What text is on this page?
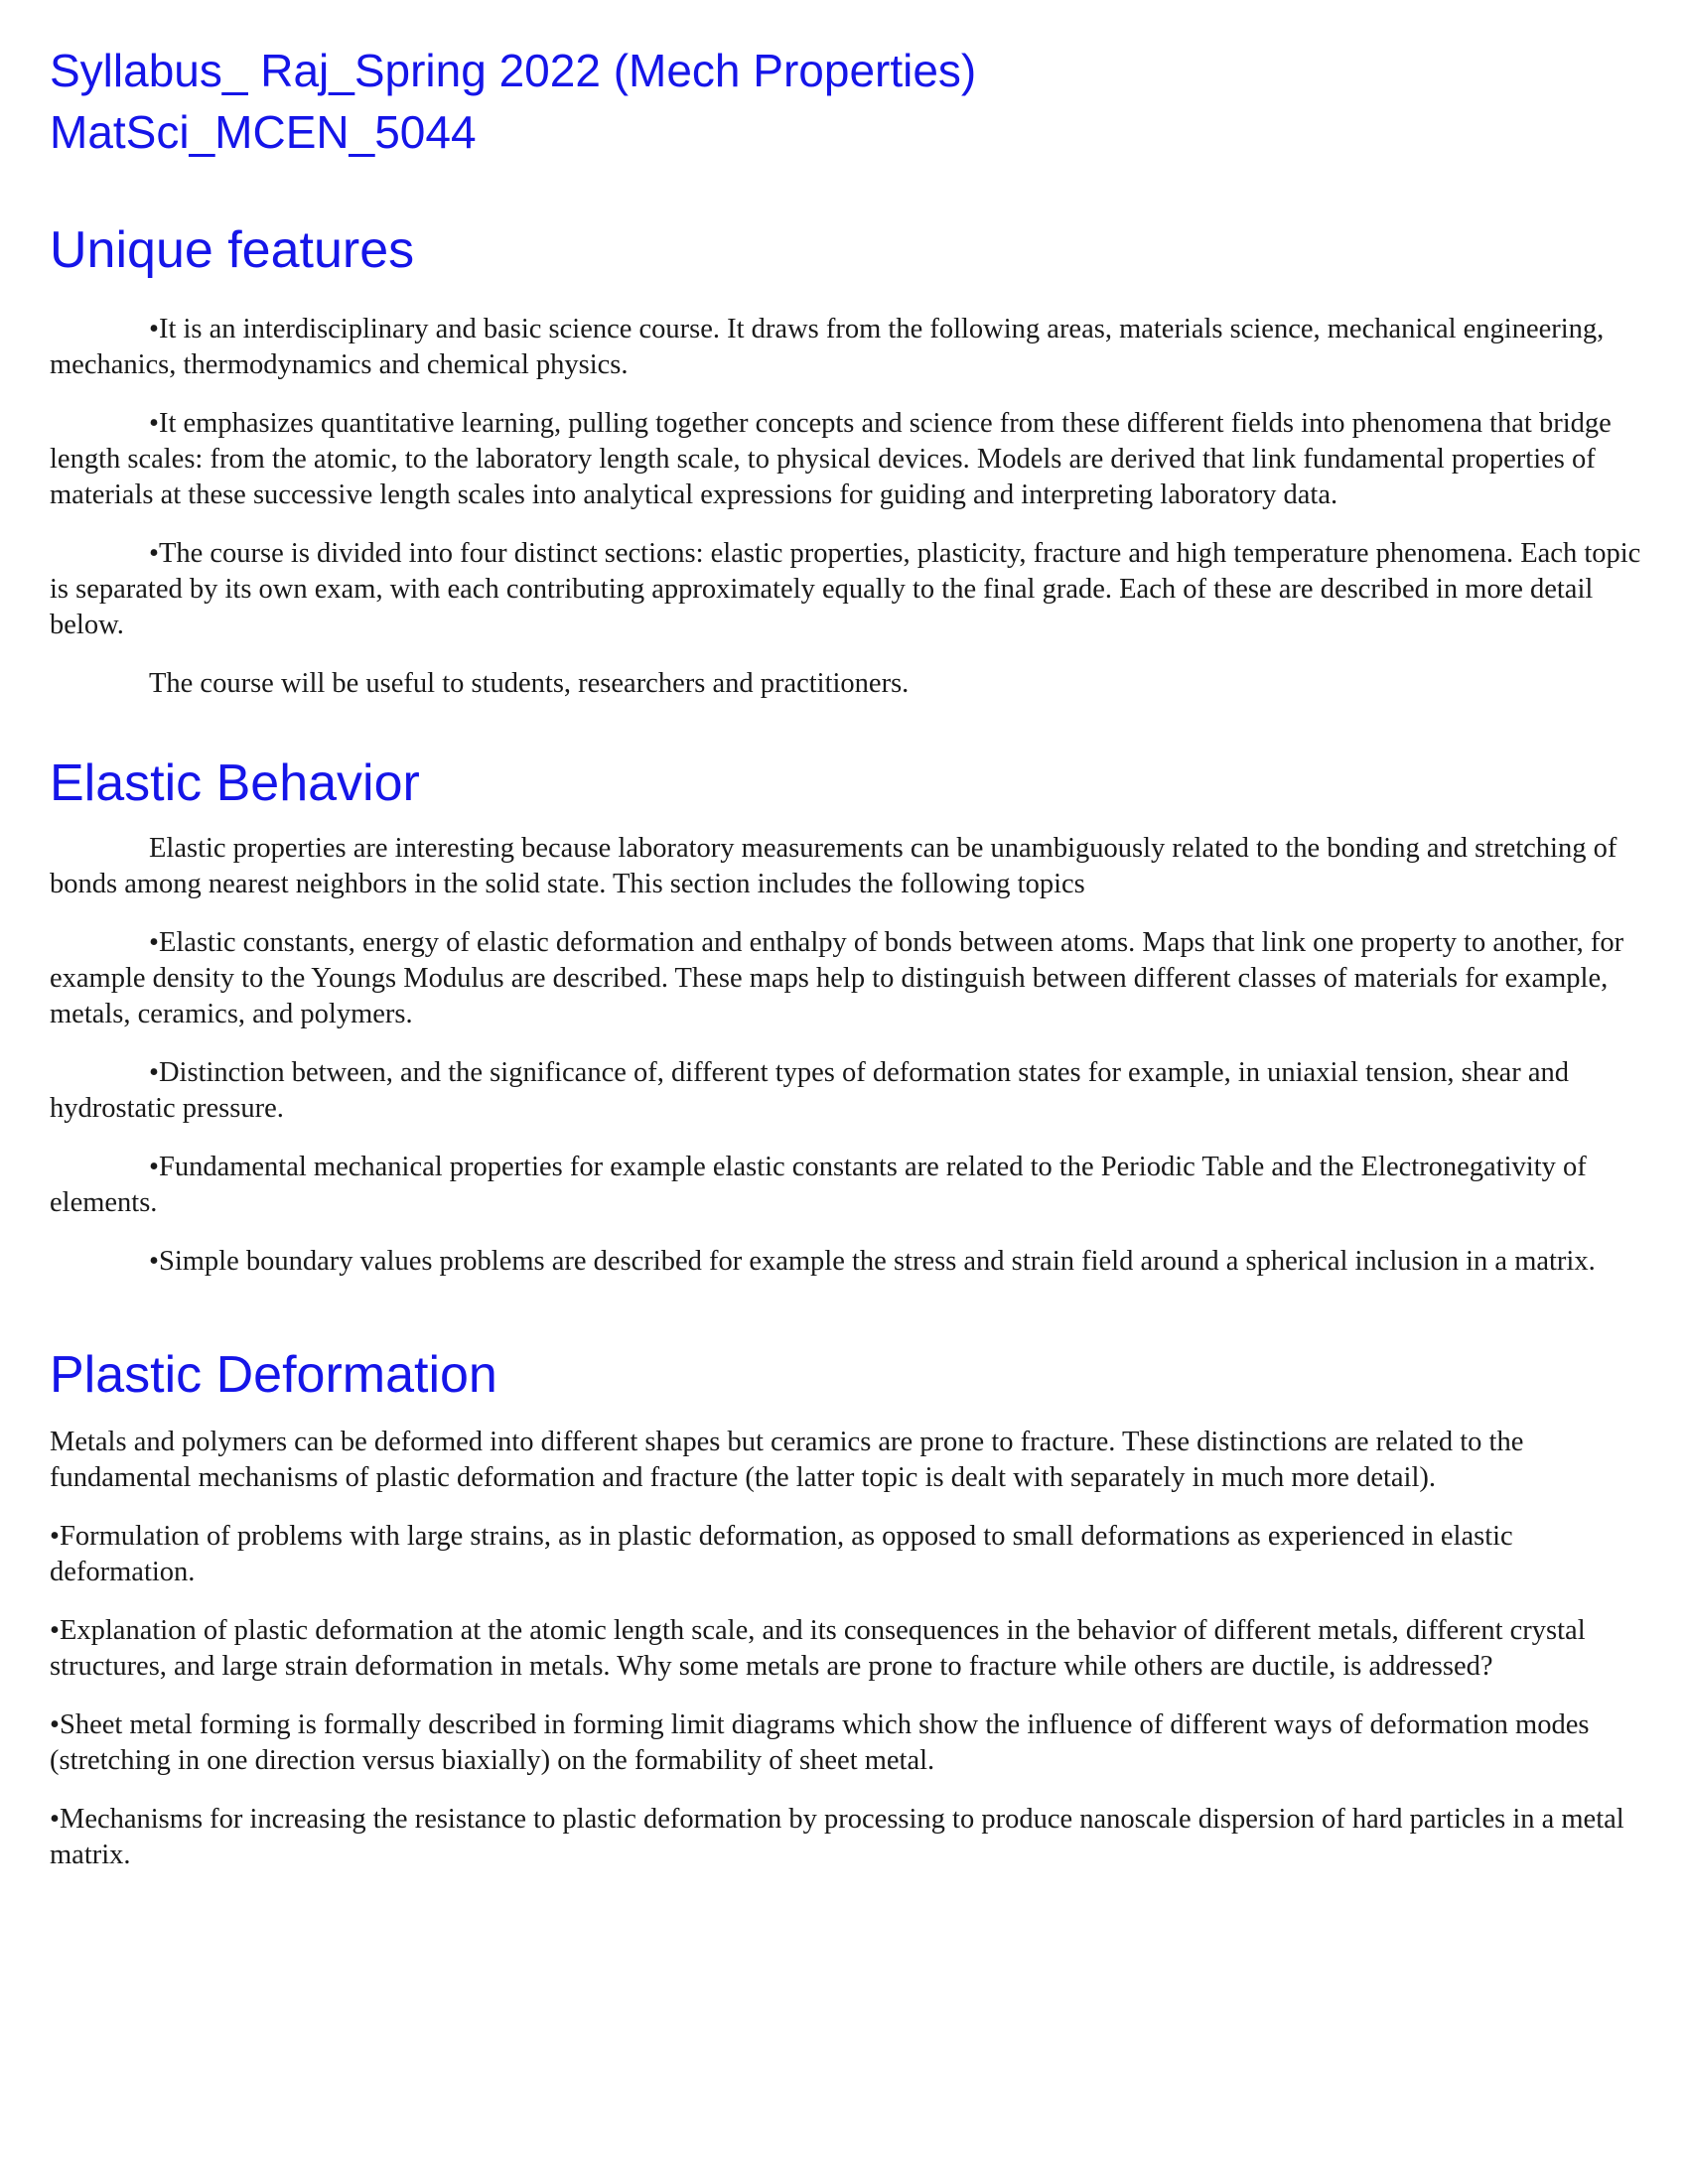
Syllabus_ Raj_Spring 2022 (Mech Properties)
MatSci_MCEN_5044
Unique features

•It is an interdisciplinary and basic science course. It draws from the following areas, materials science, mechanical engineering, mechanics, thermodynamics and chemical physics.

•It emphasizes quantitative learning, pulling together concepts and science from these different fields into phenomena that bridge length scales: from the atomic, to the laboratory length scale, to physical devices. Models are derived that link fundamental properties of materials at these successive length scales into analytical expressions for guiding and interpreting laboratory data.

•The course is divided into four distinct sections: elastic properties, plasticity, fracture and high temperature phenomena. Each topic is separated by its own exam, with each contributing approximately equally to the final grade. Each of these are described in more detail below.

The course will be useful to students, researchers and practitioners.

Elastic Behavior

Elastic properties are interesting because laboratory measurements can be unambiguously related to the bonding and stretching of bonds among nearest neighbors in the solid state. This section includes the following topics

•Elastic constants, energy of elastic deformation and enthalpy of bonds between atoms. Maps that link one property to another, for example density to the Youngs Modulus are described. These maps help to distinguish between different classes of materials for example, metals, ceramics, and polymers.

•Distinction between, and the significance of, different types of deformation states for example, in uniaxial tension, shear and hydrostatic pressure.

•Fundamental mechanical properties for example elastic constants are related to the Periodic Table and the Electronegativity of elements.

•Simple boundary values problems are described for example the stress and strain field around a spherical inclusion in a matrix.

Plastic Deformation

Metals and polymers can be deformed into different shapes but ceramics are prone to fracture. These distinctions are related to the fundamental mechanisms of plastic deformation and fracture (the latter topic is dealt with separately in much more detail).

•Formulation of problems with large strains, as in plastic deformation, as opposed to small deformations as experienced in elastic deformation.

•Explanation of plastic deformation at the atomic length scale, and its consequences in the behavior of different metals, different crystal structures, and large strain deformation in metals. Why some metals are prone to fracture while others are ductile, is addressed?

•Sheet metal forming is formally described in forming limit diagrams which show the influence of different ways of deformation modes (stretching in one direction versus biaxially) on the formability of sheet metal.

•Mechanisms for increasing the resistance to plastic deformation by processing to produce nanoscale dispersion of hard particles in a metal matrix.
